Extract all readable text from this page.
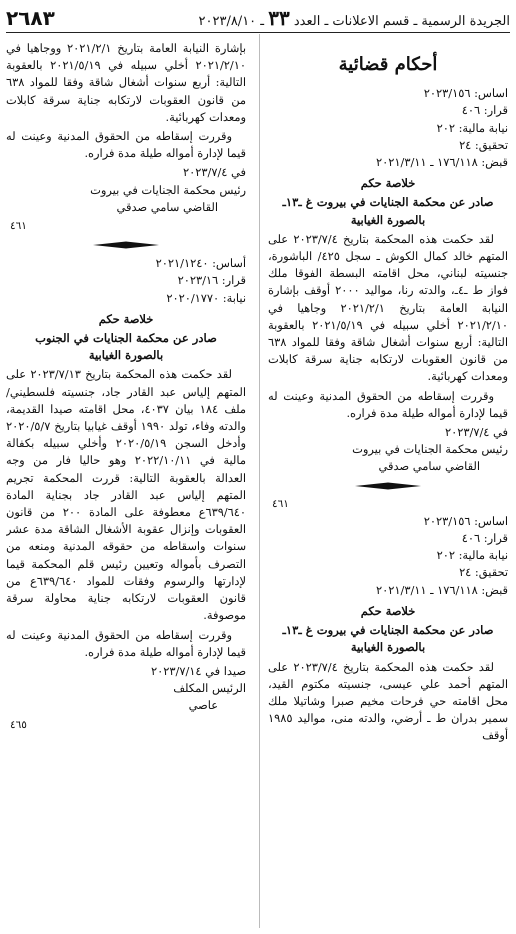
الجريدة الرسمية ـ قسم الاعلانات ـ العدد ٣٣ ـ ٢٠٢٣/٨/١٠
٢٦٨٣
أحكام قضائية

اساس: ٢٠٢٣/١٥٦

قرار: ٤٠٦

نيابة مالية: ٢٠٢

تحقيق: ٢٤

قبض: ١٧٦/١١٨ ـ ٢٠٢١/٣/١١

خلاصة حكم

صادر عن محكمة الجنايات في بيروت غ ـ١٣ـ

بالصورة الغيابية

لقد حكمت هذه المحكمة بتاريخ ٢٠٢٣/٧/٤ على المتهم خالد كمال الكوش ـ سجل ٤٢٥/ الباشورة، جنسيته لبناني، محل اقامته البسطة الفوقا ملك فواز ط ـ٤ـ، والدته رنا، مواليد ٢٠٠٠ أوقف بإشارة النيابة العامة بتاريخ ٢٠٢١/٢/١ وجاهيا في ٢٠٢١/٢/١٠ أخلي سبيله في ٢٠٢١/٥/١٩ بالعقوبة التالية: أربع سنوات أشغال شاقة وفقا للمواد ٦٣٨ من قانون العقوبات لارتكابه جناية سرقة كابلات ومعدات كهربائية.

وقررت إسقاطه من الحقوق المدنية وعينت له قيما لإدارة أمواله طيلة مدة فراره.

في ٢٠٢٣/٧/٤

رئيس محكمة الجنايات في بيروت

القاضي سامي صدقي

٤٦١

اساس: ٢٠٢٣/١٥٦

قرار: ٤٠٦

نيابة مالية: ٢٠٢

تحقيق: ٢٤

قبض: ١٧٦/١١٨ ـ ٢٠٢١/٣/١١

خلاصة حكم

صادر عن محكمة الجنايات في بيروت غ ـ١٣ـ

بالصورة الغيابية

لقد حكمت هذه المحكمة بتاريخ ٢٠٢٣/٧/٤ على المتهم أحمد علي عيسى، جنسيته مكتوم القيد، محل اقامته حي فرحات مخيم صبرا وشاتيلا ملك سمير بدران ط ـ أرضي، والدته منى، مواليد ١٩٨٥ أوقف

بإشارة النيابة العامة بتاريخ ٢٠٢١/٢/١ ووجاهيا في ٢٠٢١/٢/١٠ أخلي سبيله في ٢٠٢١/٥/١٩ بالعقوبة التالية: أربع سنوات أشغال شاقة وفقا للمواد ٦٣٨ من قانون العقوبات لارتكابه جناية سرقة كابلات ومعدات كهربائية.

وقررت إسقاطه من الحقوق المدنية وعينت له قيما لإدارة أمواله طيلة مدة فراره.

في ٢٠٢٣/٧/٤

رئيس محكمة الجنايات في بيروت

القاضي سامي صدقي

٤٦١

أساس: ٢٠٢١/١٢٤٠

قرار: ٢٠٢٣/١٦

نيابة: ٢٠٢٠/١٧٧٠

خلاصة حكم

صادر عن محكمة الجنايات في الجنوب

بالصورة الغيابية

لقد حكمت هذه المحكمة بتاريخ ٢٠٢٣/٧/١٣ على المتهم إلياس عبد القادر جاد، جنسيته فلسطيني/ ملف ١٨٤ بيان ٤٠٣٧، محل اقامته صيدا القديمة، والدته وفاء، تولد ١٩٩٠ أوقف غيابيا بتاريخ ٢٠٢٠/٥/٧ وأدخل السجن ٢٠٢٠/٥/١٩ وأخلي سبيله بكفالة مالية في ٢٠٢٢/١٠/١١ وهو حاليا فار من وجه العدالة بالعقوبة التالية: قررت المحكمة تجريم المتهم إلياس عبد القادر جاد بجناية المادة ٦٣٩/٦٤٠ع معطوفة على المادة ٢٠٠ من قانون العقوبات وإنزال عقوبة الأشغال الشاقة مدة عشر سنوات واسقاطه من حقوقه المدنية ومنعه من التصرف بأمواله وتعيين رئيس قلم المحكمة قيما لإدارتها والرسوم وفقات للمواد ٦٣٩/٦٤٠ع من قانون العقوبات لارتكابه جناية محاولة سرقة موصوفة.

وقررت إسقاطه من الحقوق المدنية وعينت له قيما لإدارة أمواله طيلة مدة فراره.

صيدا في ٢٠٢٣/٧/١٤

الرئيس المكلف

عاصي

٤٦٥
